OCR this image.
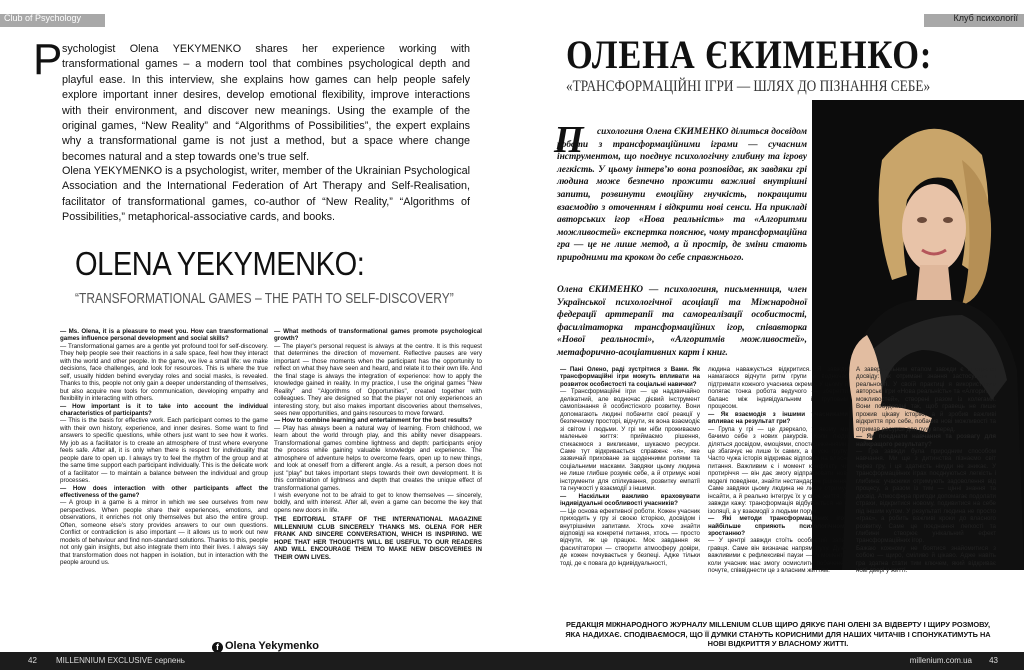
Club of Psychology
P sychologist Olena YEKYMENKO shares her experience working with transformational games – a modern tool that combines psychological depth and playful ease. In this interview, she explains how games can help people safely explore important inner desires, develop emotional flexibility, improve interactions with their environment, and discover new meanings. Using the example of the original games, “New Reality” and “Algorithms of Possibilities”, the expert explains why a transformational game is not just a method, but a space where change becomes natural and a step towards one’s true self.

Olena YEKYMENKO is a psychologist, writer, member of the Ukrainian Psychological Association and the International Federation of Art Therapy and Self-Realisation, facilitator of transformational games, co-author of “New Reality,” “Algorithms of Possibilities,” metaphorical-associative cards, and books.

OLENA YEKYMENKO:
“TRANSFORMATIONAL GAMES – THE PATH TO SELF-DISCOVERY”

— Ms. Olena, it is a pleasure to meet you. How can transformational games influence personal development and social skills?

— Transformational games are a gentle yet profound tool for self-discovery. They help people see their reactions in a safe space, feel how they interact with the world and other people. In the game, we live a small life: we make decisions, face challenges, and look for resources. This is where the true self, usually hidden behind everyday roles and social masks, is revealed. Thanks to this, people not only gain a deeper understanding of themselves, but also acquire new tools for communication, developing empathy and flexibility in interacting with others.

— How important is it to take into account the individual characteristics of participants?

— This is the basis for effective work. Each participant comes to the game with their own history, experience, and inner desires. Some want to find answers to specific questions, while others just want to see how it works. My job as a facilitator is to create an atmosphere of trust where everyone feels safe. After all, it is only when there is respect for individuality that people dare to open up. I always try to feel the rhythm of the group and at the same time support each participant individually. This is the delicate work of a facilitator — to maintain a balance between the individual and group processes.

— How does interaction with other participants affect the effectiveness of the game?

— A group in a game is a mirror in which we see ourselves from new perspectives. When people share their experiences, emotions, and observations, it enriches not only themselves but also the entire group. Often, someone else's story provides answers to our own questions. Conflict or contradiction is also important — it allows us to work out new models of behaviour and find non-standard solutions. Thanks to this, people not only gain insights, but also integrate them into their lives. I always say that transformation does not happen in isolation, but in interaction with the people around us.

— What methods of transformational games promote psychological growth?

— The player's personal request is always at the centre. It is this request that determines the direction of movement. Reflective pauses are very important — those moments when the participant has the opportunity to reflect on what they have seen and heard, and relate it to their own life. And the final stage is always the integration of experience: how to apply the knowledge gained in reality. In my practice, I use the original games "New Reality" and "Algorithms of Opportunities", created together with colleagues. They are designed so that the player not only experiences an interesting story, but also makes important discoveries about themselves, sees new opportunities, and gains resources to move forward.

— How to combine learning and entertainment for the best results?

— Play has always been a natural way of learning. From childhood, we learn about the world through play, and this ability never disappears. Transformational games combine lightness and depth: participants enjoy the process while gaining valuable knowledge and experience. The atmosphere of adventure helps to overcome fears, open up to new things, and look at oneself from a different angle. As a result, a person does not just "play" but takes important steps towards their own development. It is this combination of lightness and depth that creates the unique effect of transformational games.

I wish everyone not to be afraid to get to know themselves — sincerely, boldly, and with interest. After all, even a game can become the key that opens new doors in life.

THE EDITORIAL STAFF OF THE INTERNATIONAL MAGAZINE MILLENNIUM CLUB SINCERELY THANKS MS. OLENA FOR HER FRANK AND SINCERE CONVERSATION, WHICH IS INSPIRING. WE HOPE THAT HER THOUGHTS WILL BE USEFUL TO OUR READERS AND WILL ENCOURAGE THEM TO MAKE NEW DISCOVERIES IN THEIR OWN LIVES.

f Olena Yekymenko
42 MILLENNIUM EXCLUSIVE серпень
Клуб психології
ОЛЕНА ЄКИМЕНКО:
«ТРАНСФОРМАЦІЙНІ ІГРИ — ШЛЯХ ДО ПІЗНАННЯ СЕБЕ»
П	сихологиня Олена ЄКИМЕНКО ділиться досвідом роботи з трансформаційними іграми — сучасним інструментом, що поєднує психологічну глибину та ігрову легкість. У цьому інтерв’ю вона розповідає, як завдяки грі людина може безпечно прожити важливі внутрішні запити, розвинути емоційну гнучкість, покращити взаємодію з оточенням і відкрити нові сенси. На прикладі авторських ігор «Нова реальність» та «Алгоритми можливостей» експертка пояснює, чому трансформаційна гра — це не лише метод, а й простір, де зміни стають природними та кроком до себе справжнього.

Олена ЄКИМЕНКО — психологиня, письменниця, член Української психологічної асоціації та Міжнародної федерації арттерапії та самореалізації особистості, фасилітаторка трансформаційних ігор, співавторка «Нової реальності», «Алгоритмів можливостей», метафорично-асоціативних карт і книг.

— Пані Олено, раді зустрітися з Вами. Як трансформаційні ігри можуть впливати на розвиток особистості та соціальні навички?

— Трансформаційні ігри — це надзвичайно делікатний, але водночас дієвий інструмент самопізнання й особистісного розвитку. Вони допомагають людині побачити свої реакції у безпечному просторі, відчути, як вона взаємодіє зі світом і людьми. У грі ми ніби проживаємо маленьке життя: приймаємо рішення, стикаємося з викликами, шукаємо ресурси. Саме тут відкривається справжнє «я», яке зазвичай приховане за щоденними ролями та соціальними масками. Завдяки цьому людина не лише глибше розуміє себе, а й отримує нові інструменти для спілкування, розвитку емпатії та гнучкості у взаємодії з іншими.

— Наскільки важливо враховувати індивідуальні особливості учасників?

— Це основа ефективної роботи. Кожен учасник приходить у гру зі своєю історією, досвідом і внутрішніми запитами. Хтось хоче знайти відповіді на конкретні питання, хтось — просто відчути, як це працює. Моє завдання як фасилітаторки — створити атмосферу довіри, де кожен почувається у безпеці. Адже тільки тоді, де є повага до індивідуальності,

людина наважується відкритися. Я завжди намагаюся відчути ритм групи й водночас підтримати кожного учасника окремо. У цьому й полягає тонка робота ведучого — зберегти баланс між індивідуальним і груповим процесом.

— Як взаємодія з іншими учасниками впливає на результат гри?

— Група у грі — це дзеркало, у якому ми бачимо себе з нових ракурсів. Коли люди діляться досвідом, емоціями, спостереженнями, це збагачує не лише їх самих, а й усю групу. Часто чужа історія відкриває відповіді на власні питання. Важливим є і момент конфлікту чи протиріччя — він дає змогу відпрацювати нові моделі поведінки, знайти нестандартні рішення. Саме завдяки цьому людина не лише отримує інсайти, а й реально інтегрує їх у своє життя. Я завжди кажу: трансформація відбувається не в ізоляції, а у взаємодії з людьми поруч.

— Які методи трансформаційних ігор найбільше сприяють психологічному зростанню?

— У центрі завжди стоїть особистий запит гравця. Саме він визначає напрям руху. Дуже важливими є рефлексивні паузи — ті моменти, коли учасник має змогу осмислити побачене і почуте, співвіднести це з власним життям.

А завершальним етапом завжди є інтеграція досвіду: як отримані знання застосувати в реальності. У своїй практиці я використовую авторські ігри «Нова реальність» та «Алгоритми можливостей», створені разом із колегами. Вони побудовані так, щоб гравець не лише прожив цікаву історію, а й зробив важливі відкриття про себе, побачив нові можливості та отримав ресурси для руху вперед.

— Як поєднати навчання та розвагу для найкращого результату?

— Гра завжди була природним способом навчання. Ми ще з дитинства пізнаємо світ через гру, і ця здатність нікуди не зникає. У трансформаційних іграх поєднуються легкість і глибина: учасники отримують задоволення від процесу, а разом із тим — цінні знання та досвід. Атмосфера пригоди допомагає подолати страхи, відкритися новому, подивитися на себе під іншим кутом. У результаті людина не просто «грає», а робить важливі кроки до власного розвитку. Саме це поєднання легкості та глибини створює унікальний ефект трансформаційних ігор.

Бажаю кожному не боятися знайомитися з собою — щиро, сміливо й цікаво. Адже навіть гра здатна стати тим ключем, який відкриває нові двері у житті.

РЕДАКЦІЯ МІЖНАРОДНОГО ЖУРНАЛУ MILLENIUM CLUB ЩИРО ДЯКУЄ ПАНІ ОЛЕНІ ЗА ВІДВЕРТУ І ЩИРУ РОЗМОВУ, ЯКА НАДИХАЄ. СПОДІВАЄМОСЯ, ЩО ЇЇ ДУМКИ СТАНУТЬ КОРИСНИМИ ДЛЯ НАШИХ ЧИТАЧІВ І СПОНУКАТИМУТЬ НА НОВІ ВІДКРИТТЯ У ВЛАСНОМУ ЖИТТІ.

millenium.com.ua 43
